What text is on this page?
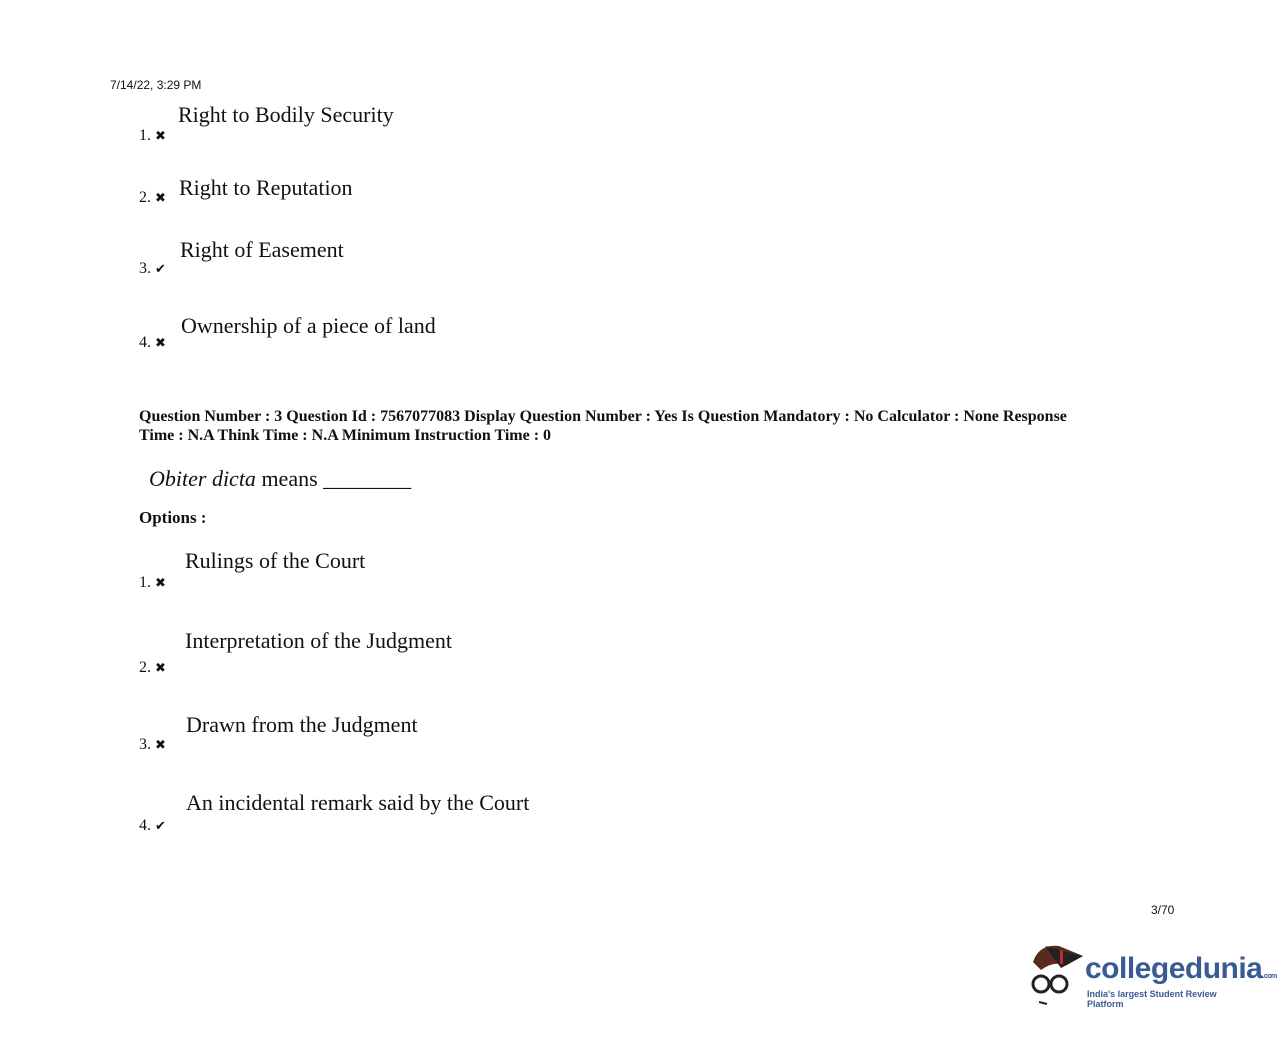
7/14/22, 3:29 PM
Right to Bodily Security
1. ✖
Right to Reputation
2. ✖
Right of Easement
3. ✔
Ownership of a piece of land
4. ✖
Question Number : 3 Question Id : 7567077083 Display Question Number : Yes Is Question Mandatory : No Calculator : None Response
Time : N.A Think Time : N.A Minimum Instruction Time : 0
Obiter dicta means ________
Options :
Rulings of the Court
1. ✖
Interpretation of the Judgment
2. ✖
Drawn from the Judgment
3. ✖
An incidental remark said by the Court
4. ✔
3/70
collegedunia.com
India's largest Student Review Platform
